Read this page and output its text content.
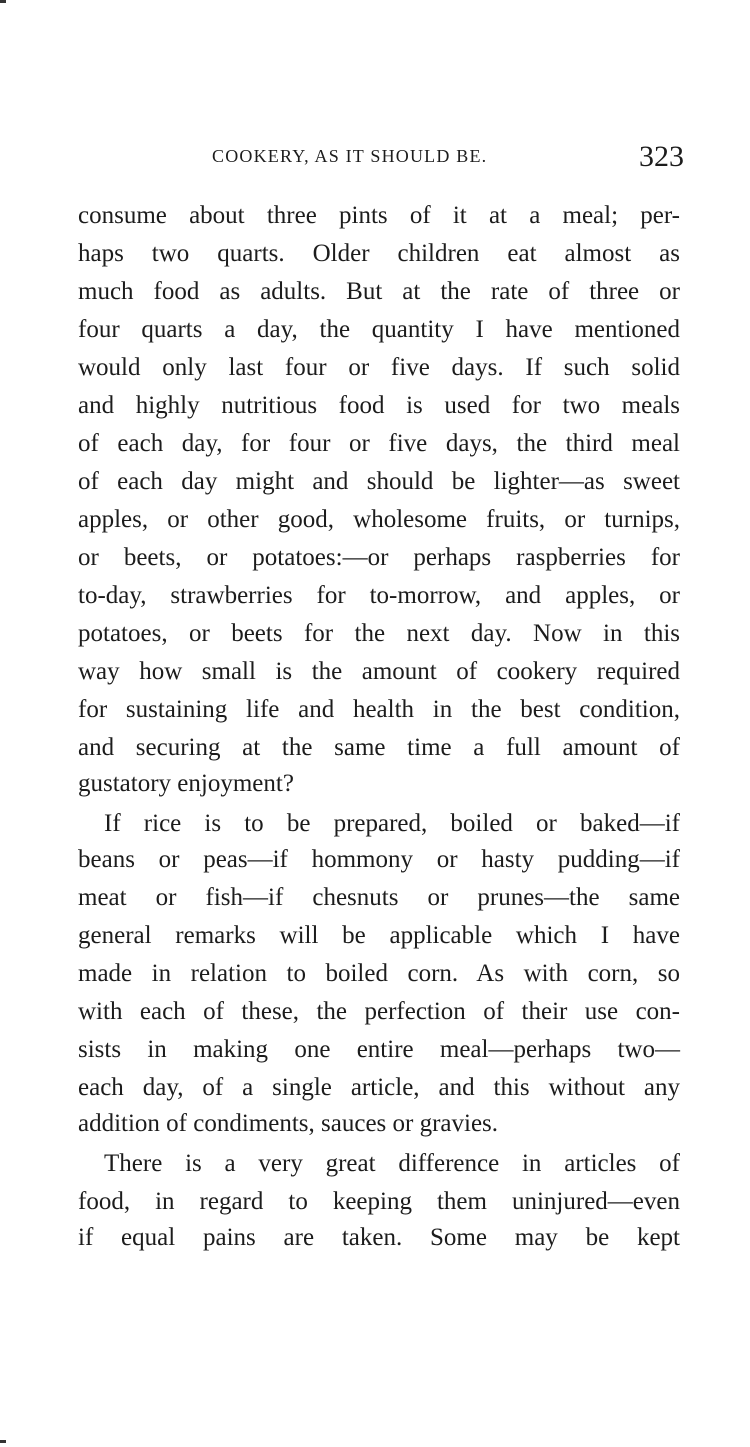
COOKERY, AS IT SHOULD BE.	323
consume about three pints of it at a meal; per-
haps two quarts. Older children eat almost as
much food as adults. But at the rate of three or
four quarts a day, the quantity I have mentioned
would only last four or five days. If such solid
and highly nutritious food is used for two meals
of each day, for four or five days, the third meal
of each day might and should be lighter—as sweet
apples, or other good, wholesome fruits, or turnips,
or beets, or potatoes:—or perhaps raspberries for
to-day, strawberries for to-morrow, and apples, or
potatoes, or beets for the next day. Now in this
way how small is the amount of cookery required
for sustaining life and health in the best condition,
and securing at the same time a full amount of
gustatory enjoyment?
If rice is to be prepared, boiled or baked—if
beans or peas—if hommony or hasty pudding—if
meat or fish—if chesnuts or prunes—the same
general remarks will be applicable which I have
made in relation to boiled corn. As with corn, so
with each of these, the perfection of their use con-
sists in making one entire meal—perhaps two—
each day, of a single article, and this without any
addition of condiments, sauces or gravies.
There is a very great difference in articles of
food, in regard to keeping them uninjured—even
if equal pains are taken. Some may be kept
